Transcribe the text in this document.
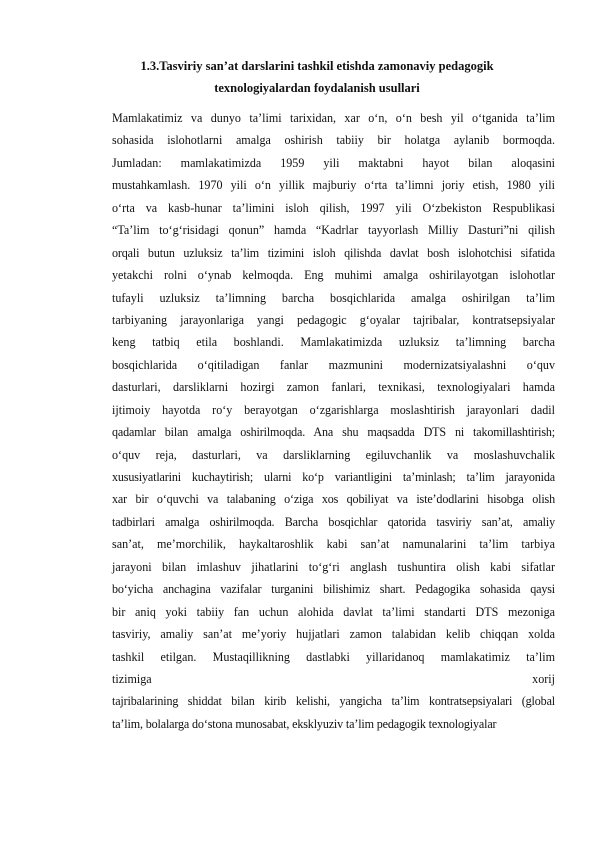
1.3.Tasviriy san’at darslarini tashkil etishda zamonaviy pedagogik
texnologiyalardan foydalanish usullari
Mamlakatimiz va dunyo taʼlimi tarixidan, xar oʻn, oʻn besh yil oʻtganida taʼlim
sohasida islohotlarni amalga oshirish tabiiy bir holatga aylanib bormoqda.
Jumladan: mamlakatimizda 1959 yili maktabni hayot bilan aloqasini
mustahkamlash. 1970 yili oʻn yillik majburiy oʻrta taʼlimni joriy etish, 1980 yili
oʻrta va kasb-hunar taʼlimini isloh qilish, 1997 yili Oʻzbekiston Respublikasi
“Taʼlim toʻgʻrisidagi qonun” hamda “Kadrlar tayyorlash Milliy Dasturi”ni qilish
orqali butun uzluksiz taʼlim tizimini isloh qilishda davlat bosh islohotchisi sifatida
yetakchi rolni oʻynab kelmoqda. Eng muhimi amalga oshirilayotgan islohotlar
tufayli uzluksiz taʼlimning barcha bosqichlarida amalga oshirilgan taʼlim
tarbiyaning jarayonlariga yangi pedagogic gʻoyalar tajribalar, kontratsepsiyalar
keng tatbiq etila boshlandi. Mamlakatimizda uzluksiz taʼlimning barcha
bosqichlarida oʻqitiladigan fanlar mazmunini modernizatsiyalashni oʻquv
dasturlari, darsliklarni hozirgi zamon fanlari, texnikasi, texnologiyalari hamda
ijtimoiy hayotda roʻy berayotgan oʻzgarishlarga moslashtirish jarayonlari dadil
qadamlar bilan amalga oshirilmoqda. Ana shu maqsadda DTS ni takomillashtirish;
oʻquv reja, dasturlari, va darsliklarning egiluvchanlik va moslashuvchalik
xususiyatlarini kuchaytirish; ularni koʻp variantligini taʼminlash; taʼlim jarayonida
xar bir oʻquvchi va talabaning oʻziga xos qobiliyat va isteʼdodlarini hisobga olish
tadbirlari amalga oshirilmoqda. Barcha bosqichlar qatorida tasviriy sanʼat, amaliy
sanʼat, meʼmorchilik, haykaltaroshlik kabi sanʼat namunalarini taʼlim tarbiya
jarayoni bilan imlashuv jihatlarini toʻgʻri anglash tushuntira olish kabi sifatlar
boʻyicha anchagina vazifalar turganini bilishimiz shart. Pedagogika sohasida qaysi
bir aniq yoki tabiiy fan uchun alohida davlat taʼlimi standarti DTS mezoniga
tasviriy, amaliy sanʼat meʼyoriy hujjatlari zamon talabidan kelib chiqqan xolda
tashkil etilgan. Mustaqillikning dastlabki yillaridanoq mamlakatimiz taʼlim
tizimiga xorij
tajribalarining shiddat bilan kirib kelishi, yangicha taʼlim kontratsepsiyalari (global
taʼlim, bolalarga doʻstona munosabat, eksklyuziv taʼlim pedagogik texnologiyalar
